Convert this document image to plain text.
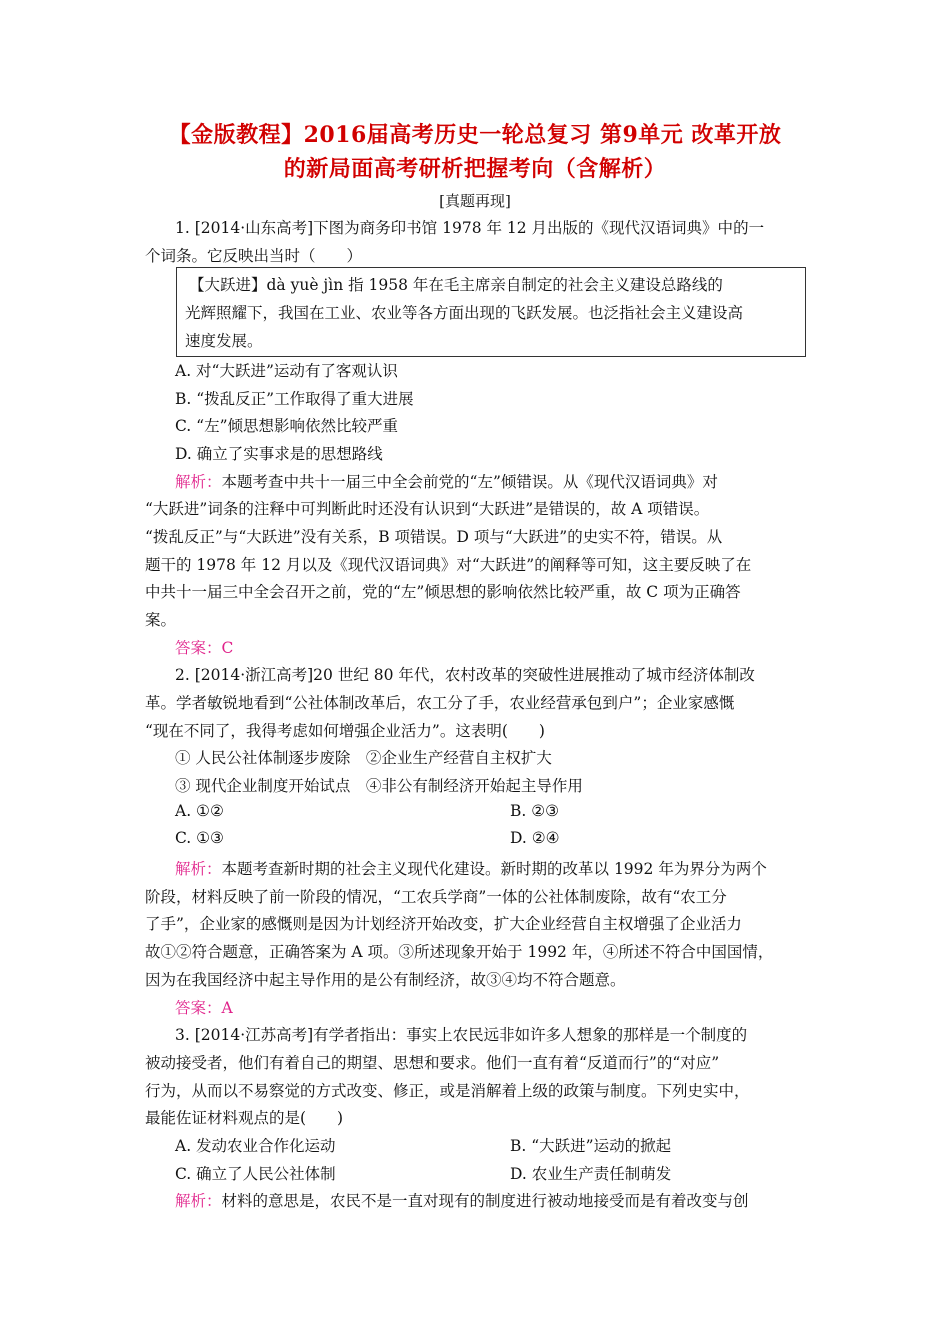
【金版教程】2016届高考历史一轮总复习 第9单元 改革开放
的新局面高考研析把握考向（含解析）
[真题再现]
1. [2014·山东高考]下图为商务印书馆 1978 年 12 月出版的《现代汉语词典》中的一
个词条。它反映出当时（　　）
【大跃进】dà yuè jìn 指 1958 年在毛主席亲自制定的社会主义建设总路线的
光辉照耀下，我国在工业、农业等各方面出现的飞跃发展。也泛指社会主义建设高
速度发展。
A. 对“大跃进”运动有了客观认识
B. “拨乱反正”工作取得了重大进展
C. “左”倾思想影响依然比较严重
D. 确立了实事求是的思想路线
解析：本题考查中共十一届三中全会前党的“左”倾错误。从《现代汉语词典》对
“大跃进”词条的注释中可判断此时还没有认识到“大跃进”是错误的，故 A 项错误。
“拨乱反正”与“大跃进”没有关系，B 项错误。D 项与“大跃进”的史实不符，错误。从
题干的 1978 年 12 月以及《现代汉语词典》对“大跃进”的阐释等可知，这主要反映了在
中共十一届三中全会召开之前，党的“左”倾思想的影响依然比较严重，故 C 项为正确答
案。
答案：C
2. [2014·浙江高考]20 世纪 80 年代，农村改革的突破性进展推动了城市经济体制改
革。学者敏锐地看到“公社体制改革后，农工分了手，农业经营承包到户”；企业家感慨
“现在不同了，我得考虑如何增强企业活力”。这表明(　　)
① 人民公社体制逐步废除　②企业生产经营自主权扩大
③ 现代企业制度开始试点　④非公有制经济开始起主导作用
A. ①②	B. ②③
C. ①③	D. ②④
解析：本题考查新时期的社会主义现代化建设。新时期的改革以 1992 年为界分为两个
阶段，材料反映了前一阶段的情况，“工农兵学商”一体的公社体制废除，故有“农工分
了手”，企业家的感慨则是因为计划经济开始改变，扩大企业经营自主权增强了企业活力
故①②符合题意，正确答案为 A 项。③所述现象开始于 1992 年，④所述不符合中国国情，
因为在我国经济中起主导作用的是公有制经济，故③④均不符合题意。
答案：A
3. [2014·江苏高考]有学者指出：事实上农民远非如许多人想象的那样是一个制度的
被动接受者，他们有着自己的期望、思想和要求。他们一直有着“反道而行”的“对应”
行为，从而以不易察觉的方式改变、修正，或是消解着上级的政策与制度。下列史实中，
最能佐证材料观点的是(　　)
A. 发动农业合作化运动	B. “大跃进”运动的掀起
C. 确立了人民公社体制	D. 农业生产责任制萌发
解析：材料的意思是，农民不是一直对现有的制度进行被动地接受而是有着改变与创
